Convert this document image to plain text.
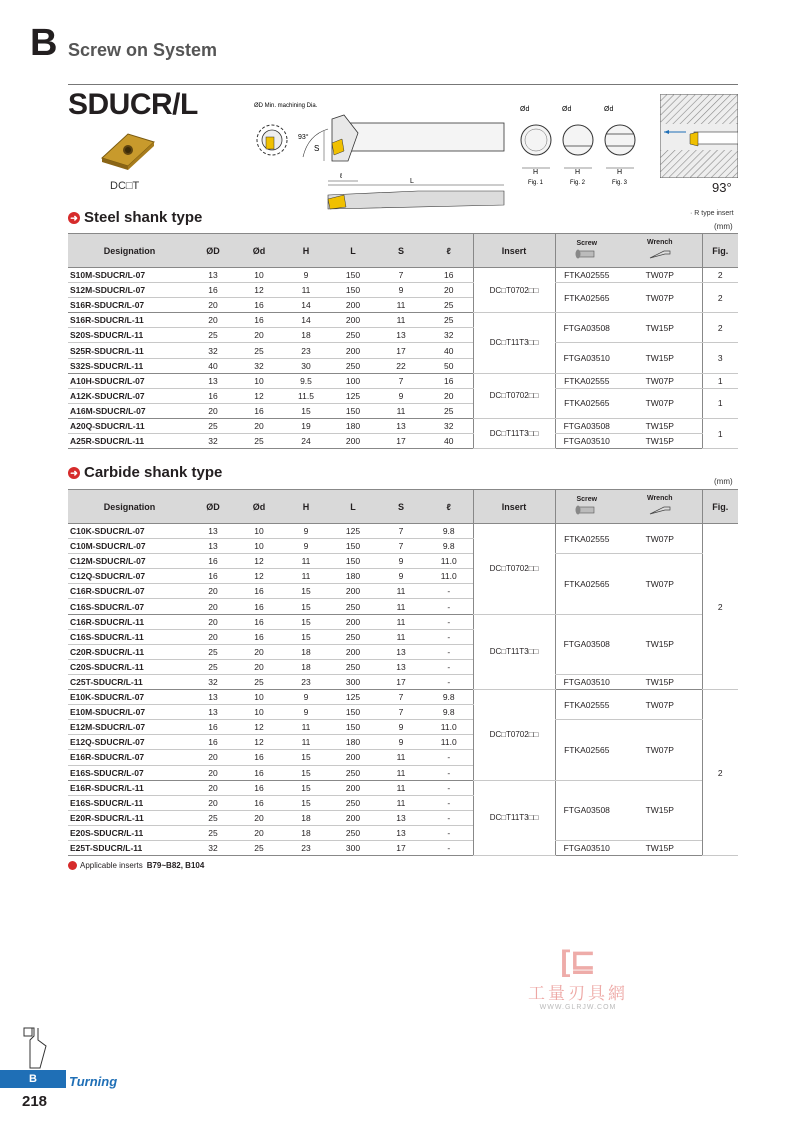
B Screw on System
SDUCR/L
DC□T
ØD Min. machining Dia.
93°
S
ℓ
L
Ød
H
Fig. 1
Ød
H
Fig. 2
Ød
H
Fig. 3	93°
· R type insert
(mm)
➜ Steel shank type
Designation	ØD	Ød	H	L	S	ℓ	Insert	Screw	Wrench	Fig.
S10M-SDUCR/L-07	13	10	9	150	7	16	DC□T0702□□	FTKA02555	TW07P	2
S12M-SDUCR/L-07	16	12	11	150	9	20		FTKA02565	TW07P	2
S16R-SDUCR/L-07	20	16	14	200	11	25				
S16R-SDUCR/L-11	20	16	14	200	11	25	DC□T11T3□□	FTGA03508	TW15P	2
S20S-SDUCR/L-11	25	20	18	250	13	32				
S25R-SDUCR/L-11	32	25	23	200	17	40		FTGA03510	TW15P	3
S32S-SDUCR/L-11	40	32	30	250	22	50				
A10H-SDUCR/L-07	13	10	9.5	100	7	16	DC□T0702□□	FTKA02555	TW07P	1
A12K-SDUCR/L-07	16	12	11.5	125	9	20		FTKA02565	TW07P	1
A16M-SDUCR/L-07	20	16	15	150	11	25				
A20Q-SDUCR/L-11	25	20	19	180	13	32	DC□T11T3□□	FTGA03508	TW15P	1
A25R-SDUCR/L-11	32	25	24	200	17	40		FTGA03510	TW15P	
➜ Carbide shank type
(mm)
Designation	ØD	Ød	H	L	S	ℓ	Insert	Screw	Wrench	Fig.
C10K-SDUCR/L-07	13	10	9	125	7	9.8	DC□T0702□□	FTKA02555	TW07P	2
C10M-SDUCR/L-07	13	10	9	150	7	9.8				
C12M-SDUCR/L-07	16	12	11	150	9	11.0		FTKA02565	TW07P	
C12Q-SDUCR/L-07	16	12	11	180	9	11.0				
C16R-SDUCR/L-07	20	16	15	200	11	-				
C16S-SDUCR/L-07	20	16	15	250	11	-				
C16R-SDUCR/L-11	20	16	15	200	11	-	DC□T11T3□□	FTGA03508	TW15P	
C16S-SDUCR/L-11	20	16	15	250	11	-				
C20R-SDUCR/L-11	25	20	18	200	13	-				
C20S-SDUCR/L-11	25	20	18	250	13	-				
C25T-SDUCR/L-11	32	25	23	300	17	-		FTGA03510	TW15P	
E10K-SDUCR/L-07	13	10	9	125	7	9.8	DC□T0702□□	FTKA02555	TW07P	2
E10M-SDUCR/L-07	13	10	9	150	7	9.8				
E12M-SDUCR/L-07	16	12	11	150	9	11.0		FTKA02565	TW07P	
E12Q-SDUCR/L-07	16	12	11	180	9	11.0				
E16R-SDUCR/L-07	20	16	15	200	11	-				
E16S-SDUCR/L-07	20	16	15	250	11	-				
E16R-SDUCR/L-11	20	16	15	200	11	-	DC□T11T3□□	FTGA03508	TW15P	
E16S-SDUCR/L-11	20	16	15	250	11	-				
E20R-SDUCR/L-11	25	20	18	200	13	-				
E20S-SDUCR/L-11	25	20	18	250	13	-				
E25T-SDUCR/L-11	32	25	23	300	17	-		FTGA03510	TW15P	
Applicable inserts B79~B82, B104
[⊑
工量刃具網
WWW.GLRJW.COM
B	Turning
218
